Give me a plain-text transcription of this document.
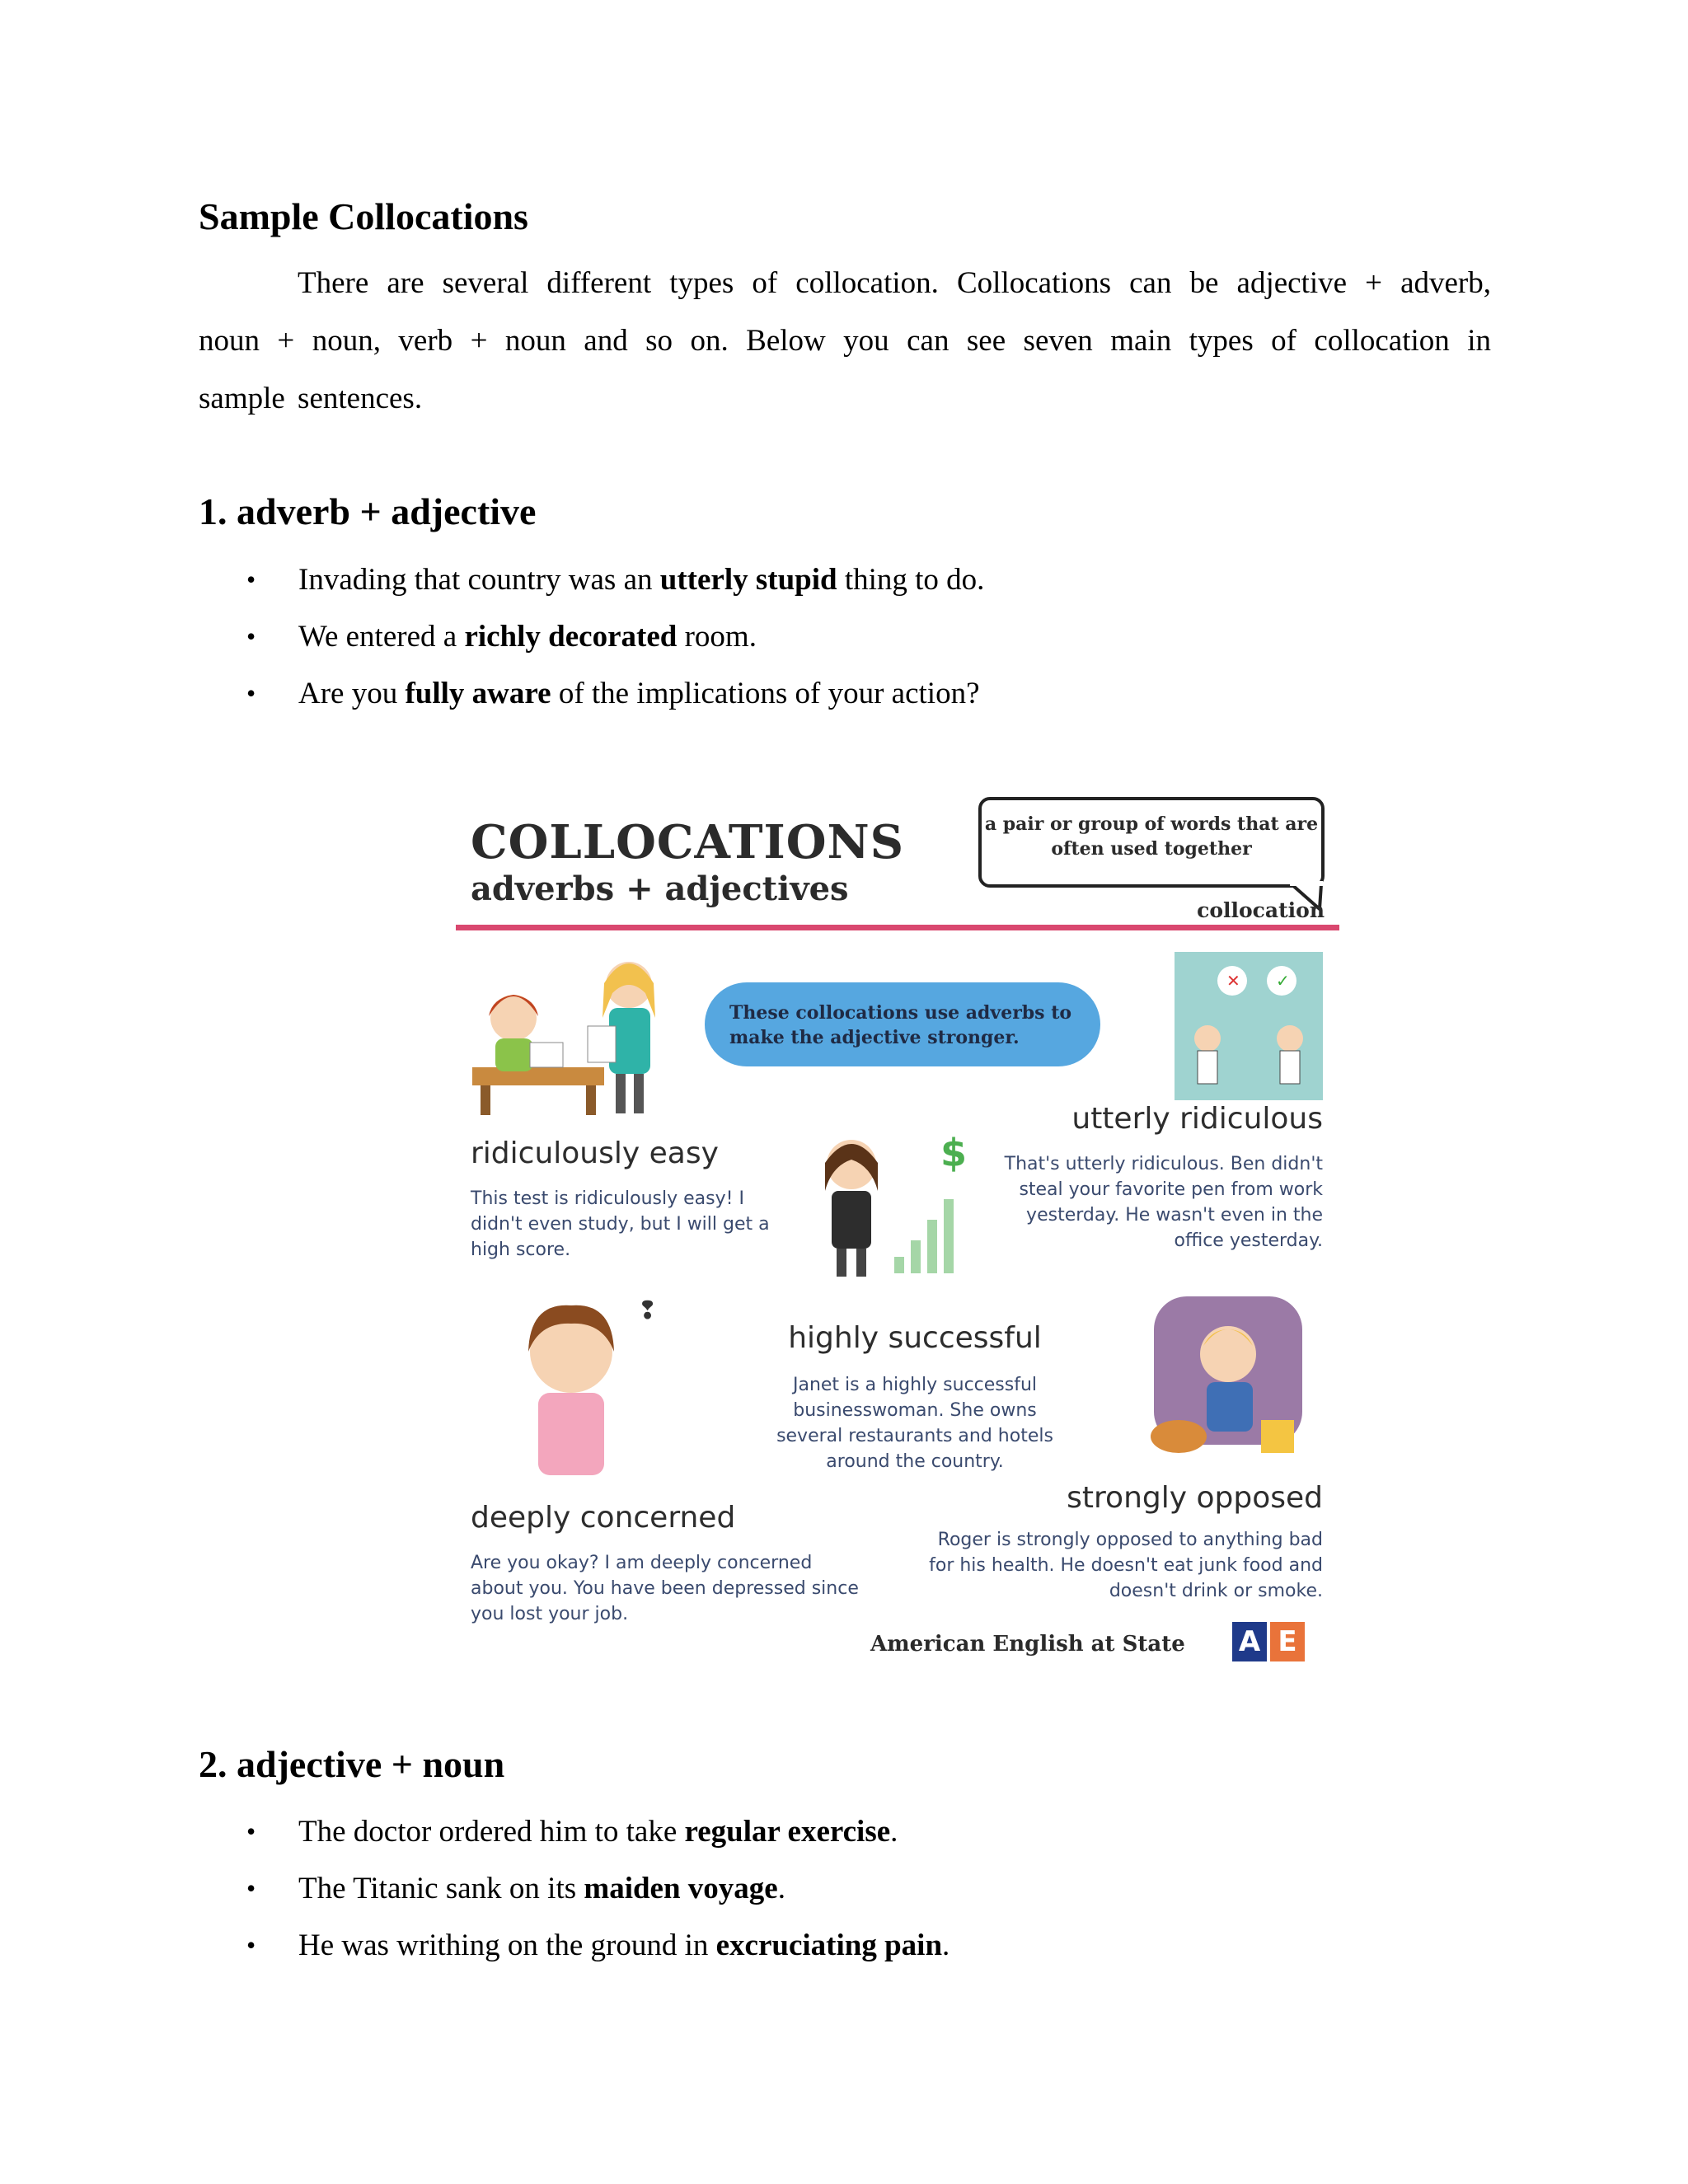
Sample Collocations

There are several different types of collocation. Collocations can be adjective + adverb, noun + noun, verb + noun and so on. Below you can see seven main types of collocation in sample sentences.

1. adverb + adjective
• Invading that country was an utterly stupid thing to do.
• We entered a richly decorated room.
• Are you fully aware of the implications of your action?
COLLOCATIONS
adverbs + adjectives
a pair or group of words that are often used together
collocation
These collocations use adverbs to make the adjective stronger.
✕ ✓
$
❢
ridiculously easy
This test is ridiculously easy! I didn't even study, but I will get a high score.
utterly ridiculous
That's utterly ridiculous. Ben didn't steal your favorite pen from work yesterday. He wasn't even in the office yesterday.
highly successful
Janet is a highly successful businesswoman. She owns several restaurants and hotels around the country.
deeply concerned
Are you okay? I am deeply concerned about you. You have been depressed since you lost your job.
strongly opposed
Roger is strongly opposed to anything bad for his health. He doesn't eat junk food and doesn't drink or smoke.
American English at State A E
2. adjective + noun
• The doctor ordered him to take regular exercise.
• The Titanic sank on its maiden voyage.
• He was writhing on the ground in excruciating pain.
